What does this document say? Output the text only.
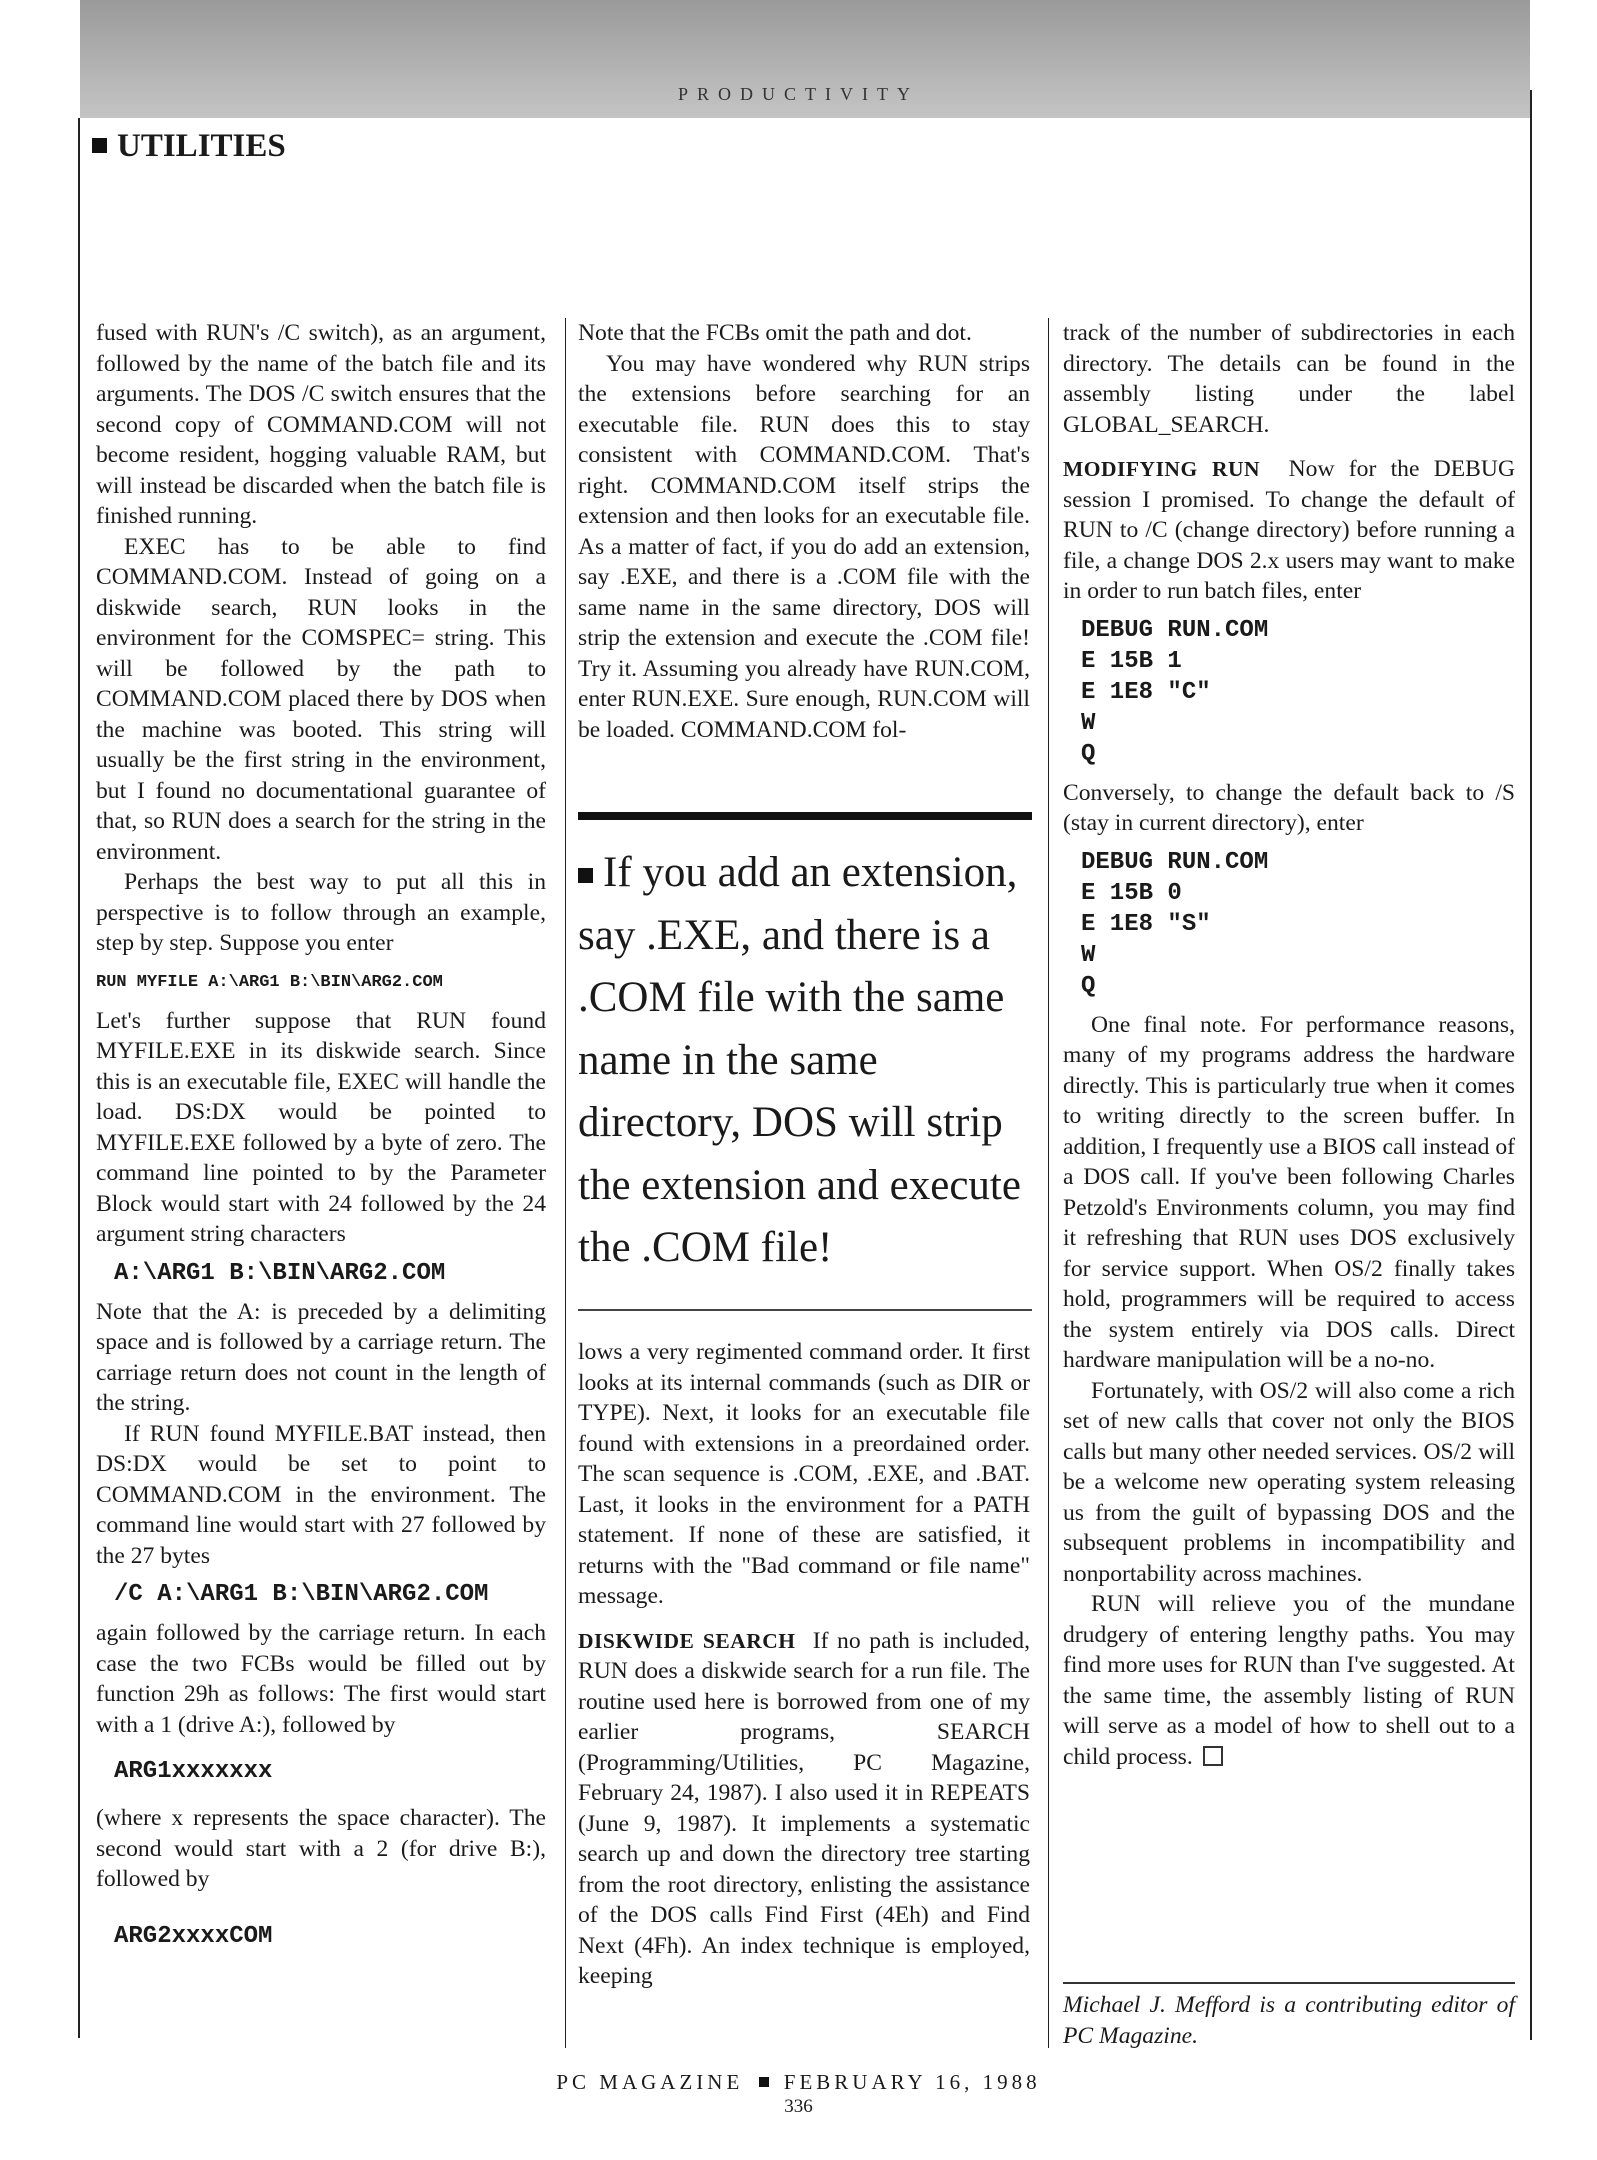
PRODUCTIVITY
UTILITIES

fused with RUN's /C switch), as an argument, followed by the name of the batch file and its arguments. The DOS /C switch ensures that the second copy of COMMAND.COM will not become resident, hogging valuable RAM, but will instead be discarded when the batch file is finished running.

EXEC has to be able to find COMMAND.COM. Instead of going on a diskwide search, RUN looks in the environment for the COMSPEC= string. This will be followed by the path to COMMAND.COM placed there by DOS when the machine was booted. This string will usually be the first string in the environment, but I found no documentational guarantee of that, so RUN does a search for the string in the environment.

Perhaps the best way to put all this in perspective is to follow through an example, step by step. Suppose you enter

RUN MYFILE A:\ARG1 B:\BIN\ARG2.COM

Let's further suppose that RUN found MYFILE.EXE in its diskwide search. Since this is an executable file, EXEC will handle the load. DS:DX would be pointed to MYFILE.EXE followed by a byte of zero. The command line pointed to by the Parameter Block would start with 24 followed by the 24 argument string characters

A:\ARG1 B:\BIN\ARG2.COM

Note that the A: is preceded by a delimiting space and is followed by a carriage return. The carriage return does not count in the length of the string.

If RUN found MYFILE.BAT instead, then DS:DX would be set to point to COMMAND.COM in the environment. The command line would start with 27 followed by the 27 bytes

/C A:\ARG1 B:\BIN\ARG2.COM

again followed by the carriage return. In each case the two FCBs would be filled out by function 29h as follows: The first would start with a 1 (drive A:), followed by

ARG1xxxxxxx

(where x represents the space character). The second would start with a 2 (for drive B:), followed by

ARG2xxxxCOM

Note that the FCBs omit the path and dot.

You may have wondered why RUN strips the extensions before searching for an executable file. RUN does this to stay consistent with COMMAND.COM. That's right. COMMAND.COM itself strips the extension and then looks for an executable file. As a matter of fact, if you do add an extension, say .EXE, and there is a .COM file with the same name in the same directory, DOS will strip the extension and execute the .COM file! Try it. Assuming you already have RUN.COM, enter RUN.EXE. Sure enough, RUN.COM will be loaded. COMMAND.COM fol-

If you add an extension, say .EXE, and there is a .COM file with the same name in the same directory, DOS will strip the extension and execute the .COM file!

lows a very regimented command order. It first looks at its internal commands (such as DIR or TYPE). Next, it looks for an executable file found with extensions in a preordained order. The scan sequence is .COM, .EXE, and .BAT. Last, it looks in the environment for a PATH statement. If none of these are satisfied, it returns with the "Bad command or file name" message.

DISKWIDE SEARCH If no path is included, RUN does a diskwide search for a run file. The routine used here is borrowed from one of my earlier programs, SEARCH (Programming/Utilities, PC Magazine, February 24, 1987). I also used it in REPEATS (June 9, 1987). It implements a systematic search up and down the directory tree starting from the root directory, enlisting the assistance of the DOS calls Find First (4Eh) and Find Next (4Fh). An index technique is employed, keeping

track of the number of subdirectories in each directory. The details can be found in the assembly listing under the label GLOBAL_SEARCH.

MODIFYING RUN Now for the DEBUG session I promised. To change the default of RUN to /C (change directory) before running a file, a change DOS 2.x users may want to make in order to run batch files, enter

DEBUG RUN.COM
E 15B 1
E 1E8 "C"
W
Q

Conversely, to change the default back to /S (stay in current directory), enter

DEBUG RUN.COM
E 15B 0
E 1E8 "S"
W
Q

One final note. For performance reasons, many of my programs address the hardware directly. This is particularly true when it comes to writing directly to the screen buffer. In addition, I frequently use a BIOS call instead of a DOS call. If you've been following Charles Petzold's Environments column, you may find it refreshing that RUN uses DOS exclusively for service support. When OS/2 finally takes hold, programmers will be required to access the system entirely via DOS calls. Direct hardware manipulation will be a no-no.

Fortunately, with OS/2 will also come a rich set of new calls that cover not only the BIOS calls but many other needed services. OS/2 will be a welcome new operating system releasing us from the guilt of bypassing DOS and the subsequent problems in incompatibility and nonportability across machines.

RUN will relieve you of the mundane drudgery of entering lengthy paths. You may find more uses for RUN than I've suggested. At the same time, the assembly listing of RUN will serve as a model of how to shell out to a child process.

Michael J. Mefford is a contributing editor of PC Magazine.

PC MAGAZINE FEBRUARY 16, 1988
336
